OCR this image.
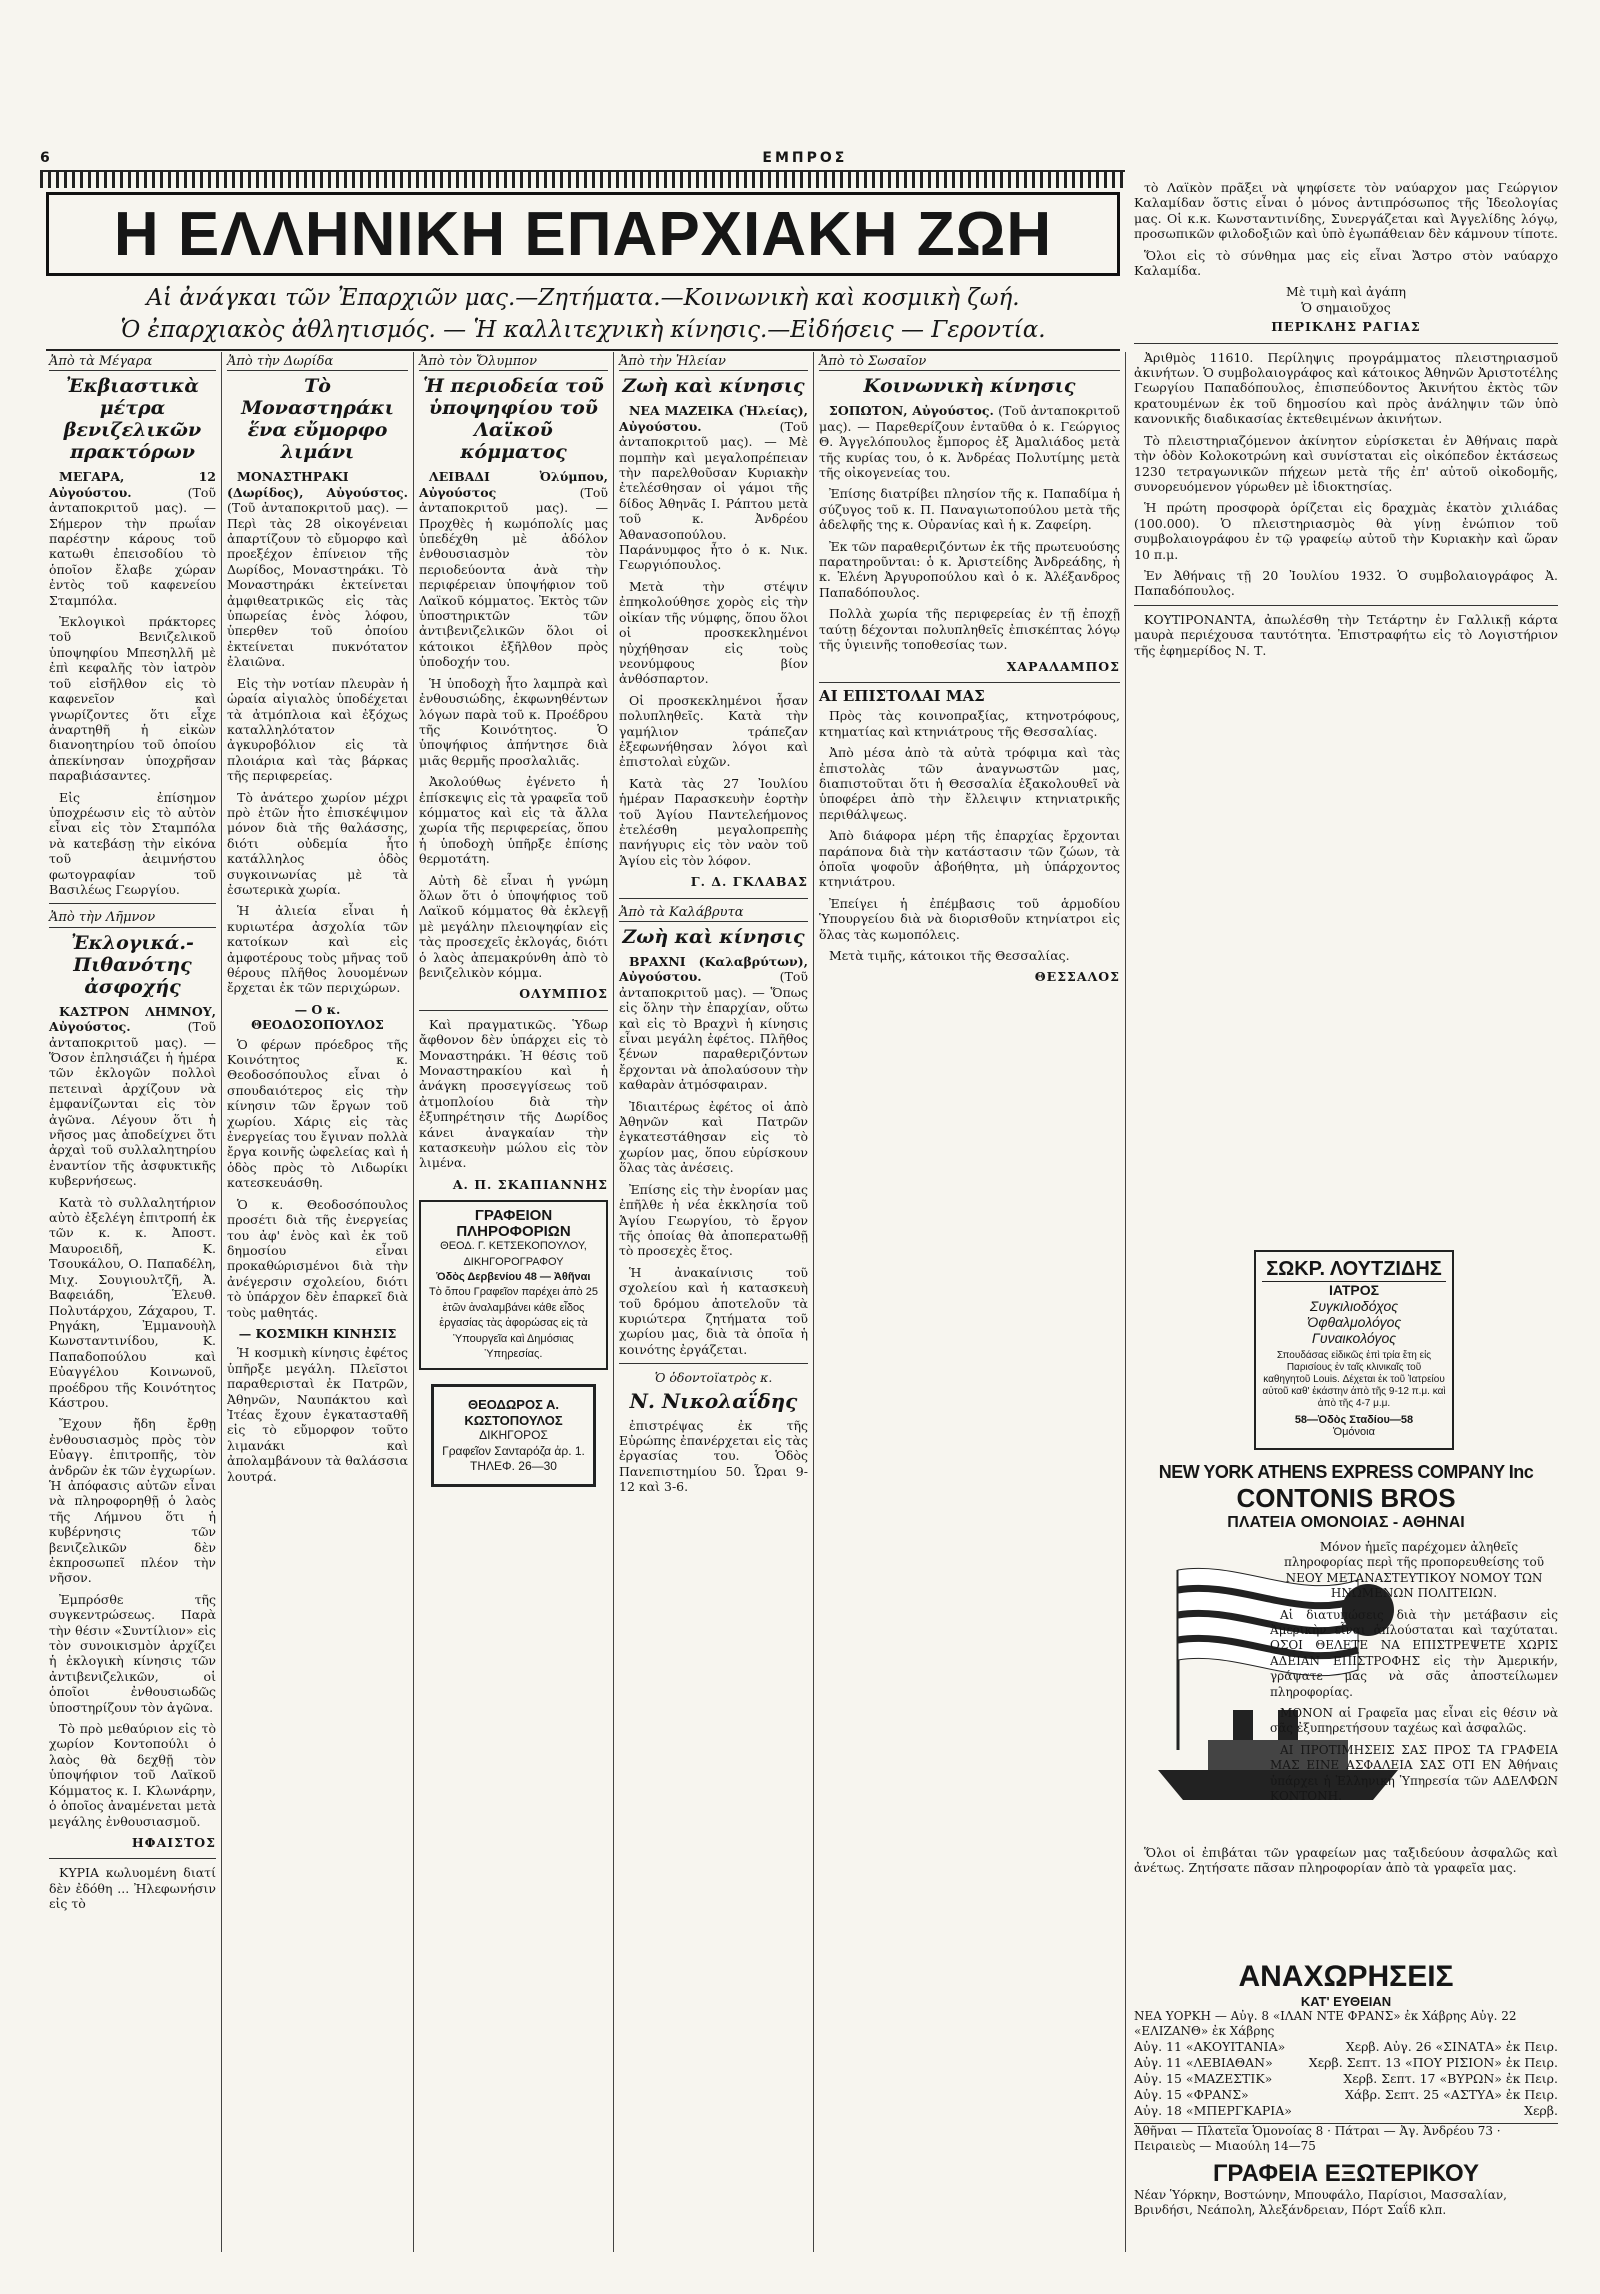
6	ΕΜΠΡΟΣ
Η ΕΛΛΗΝΙΚΗ ΕΠΑΡΧΙΑΚΗ ΖΩΗ
Αἱ ἀνάγκαι τῶν Ἐπαρχιῶν μας.—Ζητήματα.—Κοινωνικὴ καὶ κοσμικὴ ζωή.
Ὁ ἐπαρχιακὸς ἀθλητισμός. — Ἡ καλλιτεχνικὴ κίνησις.—Εἰδήσεις — Γεροντία.
Ἀπὸ τὰ Μέγαρα
Ἐκβιαστικὰ μέτρα βενιζελικῶν πρακτόρων

ΜΕΓΑΡΑ, 12 Αὐγούστου.	(Τοῦ ἀνταποκριτοῦ μας). — Σήμερον τὴν πρωΐαν παρέστην κάρους τοῦ κατωθι ἐπεισοδίου τὸ ὁποῖον ἔλαβε χώραν ἐντὸς τοῦ καφενείου Σταμπόλα.

Ἐκλογικοὶ πράκτορες τοῦ Βενιζελικοῦ ὑποψηφίου Μπεσηλλῆ μὲ ἐπὶ κεφαλῆς τὸν ἰατρὸν τοῦ εἰσῆλθον εἰς τὸ καφενεῖον καὶ γνωρίζοντες ὅτι εἶχε ἀναρτηθῆ ἡ εἰκὼν διανοητηρίου τοῦ ὁποίου ἀπεκίνησαν ὑποχρῆσαν παραβιάσαντες.

Εἰς ἐπίσημον ὑποχρέωσιν εἰς τὸ αὐτὸν εἶναι εἰς τὸν Σταμπόλα νὰ κατεβάσῃ τὴν εἰκόνα τοῦ ἀειμνήστου φωτογραφίαν τοῦ Βασιλέως Γεωργίου.

Ἀπὸ τὴν Λῆμνον
Ἐκλογικά.- Πιθανότης ἀσφοχής

ΚΑΣΤΡΟΝ ΛΗΜΝΟΥ, Αὐγούστος.	(Τοῦ ἀνταποκριτοῦ μας). — Ὅσον ἐπλησιάζει ἡ ἡμέρα τῶν ἐκλογῶν πολλοὶ πετειναὶ ἀρχίζουν νὰ ἐμφανίζωνται εἰς τὸν ἀγῶνα. Λέγουν ὅτι ἡ νῆσος μας ἀποδείχνει ὅτι ἀρχαὶ τοῦ συλλαλητηρίου ἐναντίον τῆς ἀσφυκτικῆς κυβερνήσεως.

Κατὰ τὸ συλλαλητήριον αὐτὸ ἐξελέγη ἐπιτροπή ἐκ τῶν κ. κ. Ἀποστ. Μαυροειδῆ, Κ. Τσουκάλου, Ο. Παπαδέλη, Μιχ. Σουγιουλτζῆ, Ἀ. Βαφειάδη, Ἑλευθ. Πολυτάρχου, Ζάχαρου, Τ. Ρηγάκη, Ἐμμανουὴλ Κωνσταντινίδου, Κ. Παπαδοπούλου καὶ Εὐαγγέλου Κοινωνοῦ, προέδρου τῆς Κοινότητος Κάστρου.

Ἔχουν ἤδη ἔρθῃ ἐνθουσιασμὸς πρὸς τὸν Εὐαγγ. ἐπιτροπῆς, τὸν ἀνδρῶν ἐκ τῶν ἐγχωρίων. Ἡ ἀπόφασις αὐτῶν εἶναι νὰ πληροφορηθῇ ὁ λαὸς τῆς Λήμνου ὅτι ἡ κυβέρνησις τῶν βενιζελικῶν δὲν ἐκπροσωπεῖ πλέον τὴν νῆσον.

Ἐμπρόσθε τῆς συγκεντρώσεως. Παρὰ τὴν θέσιν «Συντίλιον» εἰς τὸν συνοικισμὸν ἀρχίζει ἡ ἐκλογικὴ κίνησις τῶν ἀντιβενιζελικῶν, οἱ ὁποῖοι ἐνθουσιωδῶς ὑποστηρίζουν τὸν ἀγῶνα.

Τὸ πρὸ μεθαύριον εἰς τὸ χωρίον Κοντοπούλι ὁ λαὸς θὰ δεχθῇ τὸν ὑποψήφιον τοῦ Λαϊκοῦ Κόμματος κ. Ι. Κλωνάρην, ὁ ὁποῖος ἀναμένεται μετὰ μεγάλης ἐνθουσιασμοῦ.

ΗΦΑΙΣΤΟΣ

ΚΥΡΙΑ κωλυομένη διατί δὲν ἐδόθη ... Ἠλεφωνήσιν εἰς τὸ

Ἀπὸ τὴν Δωρίδα
Τὸ Μοναστηράκι ἕνα εὔμορφο λιμάνι

ΜΟΝΑΣΤΗΡΑΚΙ (Δωρίδος), Αὐγούστος. (Τοῦ ἀνταποκριτοῦ μας). — Περὶ τὰς 28 οἰκογένειαι ἀπαρτίζουν τὸ εὔμορφο καὶ προεξέχον ἐπίνειον τῆς Δωρίδος, Μοναστηράκι. Τὸ Μοναστηράκι ἐκτείνεται ἀμφιθεατρικῶς εἰς τὰς ὑπωρείας ἑνὸς λόφου, ὑπερθεν τοῦ ὁποίου ἐκτείνεται πυκνότατον ἐλαιῶνα.

Εἰς τὴν νοτίαν πλευρὰν ἡ ὡραία αἰγιαλὸς ὑποδέχεται τὰ ἀτμόπλοια καὶ ἐξόχως καταλληλότατον ἀγκυροβόλιον εἰς τὰ πλοιάρια καὶ τὰς βάρκας τῆς περιφερείας.

Τὸ ἀνάτερο χωρίον μέχρι πρὸ ἐτῶν ἦτο ἐπισκέψιμον μόνον διὰ τῆς θαλάσσης, διότι οὐδεμία ἦτο κατάλληλος ὁδὸς συγκοινωνίας μὲ τὰ ἐσωτερικὰ χωρία.

Ἡ ἀλιεία εἶναι ἡ κυριωτέρα ἀσχολία τῶν κατοίκων καὶ εἰς ἀμφοτέρους τοὺς μῆνας τοῦ θέρους πλῆθος λουομένων ἔρχεται ἐκ τῶν περιχώρων.

— Ο κ. ΘΕΟΔΟΣΟΠΟΥΛΟΣ

Ὁ φέρων πρόεδρος τῆς Κοινότητος κ. Θεοδοσόπουλος εἶναι ὁ σπουδαιότερος εἰς τὴν κίνησιν τῶν ἔργων τοῦ χωρίου. Χάρις εἰς τὰς ἐνεργείας του ἔγιναν πολλὰ ἔργα κοινῆς ὠφελείας καὶ ἡ ὁδὸς πρὸς τὸ Λιδωρίκι κατεσκευάσθη.

Ὁ κ. Θεοδοσόπουλος προσέτι διὰ τῆς ἐνεργείας του ἀφ' ἑνὸς καὶ ἐκ τοῦ δημοσίου εἶναι προκαθώρισμένοι διὰ τὴν ἀνέγερσιν σχολείου, διότι τὸ ὑπάρχον δὲν ἐπαρκεῖ διὰ τοὺς μαθητάς.

— ΚΟΣΜΙΚΗ ΚΙΝΗΣΙΣ

Ἡ κοσμικὴ κίνησις ἐφέτος ὑπῆρξε μεγάλη. Πλεῖστοι παραθερισταὶ ἐκ Πατρῶν, Ἀθηνῶν, Ναυπάκτου καὶ Ἰτέας ἔχουν ἐγκατασταθῆ εἰς τὸ εὔμορφον τοῦτο λιμανάκι καὶ ἀπολαμβάνουν τὰ θαλάσσια λουτρά.

Ἀπὸ τὸν Ὄλυμπον
Ἡ περιοδεία τοῦ ὑποψηφίου τοῦ Λαϊκοῦ κόμματος

ΛΕΙΒΑΔΙ Ὀλύμπου, Αὐγούστος	(Τοῦ ἀνταποκριτοῦ μας). — Προχθὲς ἡ κωμόπολίς μας ὑπεδέχθη μὲ ἀδόλον ἐνθουσιασμὸν τὸν περιοδεύοντα ἀνὰ τὴν περιφέρειαν ὑποψήφιον τοῦ Λαϊκοῦ κόμματος. Ἐκτὸς τῶν ὑποστηρικτῶν τῶν ἀντιβενιζελικῶν ὅλοι οἱ κάτοικοι ἐξῆλθον πρὸς ὑποδοχήν του.

Ἡ ὑποδοχὴ ἦτο λαμπρὰ καὶ ἐνθουσιώδης, ἐκφωνηθέντων λόγων παρὰ τοῦ κ. Προέδρου τῆς Κοινότητος. Ὁ ὑποψήφιος ἀπήντησε διὰ μιᾶς θερμῆς προσλαλιᾶς.

Ἀκολούθως ἐγένετο ἡ ἐπίσκεψις εἰς τὰ γραφεῖα τοῦ κόμματος καὶ εἰς τὰ ἄλλα χωρία τῆς περιφερείας, ὅπου ἡ ὑποδοχὴ ὑπῆρξε ἐπίσης θερμοτάτη.

Αὐτὴ δὲ εἶναι ἡ γνώμη ὅλων ὅτι ὁ ὑποψήφιος τοῦ Λαϊκοῦ κόμματος θὰ ἐκλεγῇ μὲ μεγάλην πλειοψηφίαν εἰς τὰς προσεχεῖς ἐκλογάς, διότι ὁ λαὸς ἀπεμακρύνθη ἀπὸ τὸ βενιζελικὸν κόμμα.

ΟΛΥΜΠΙΟΣ

Καὶ πραγματικῶς. Ὑδωρ ἄφθονον δὲν ὑπάρχει εἰς τὸ Μοναστηράκι. Ἡ θέσις τοῦ Μοναστηρακίου καὶ ἡ ἀνάγκη προσεγγίσεως τοῦ ἀτμοπλοίου διὰ τὴν ἐξυπηρέτησιν τῆς Δωρίδος κάνει ἀναγκαίαν τὴν κατασκευὴν μώλου εἰς τὸν λιμένα.

Α. Π. ΣΚΑΠΙΑΝΝΗΣ
ΓΡΑΦΕΙΟΝ ΠΛΗΡΟΦΟΡΙΩΝ
ΘΕΟΔ. Γ. ΚΕΤΣΕΚΟΠΟΥΛΟΥ, ΔΙΚΗΓΟΡΟΓΡΑΦΟΥ
Ὁδὸς Δερβενίου 48 — Ἀθῆναι
Τὸ ὅπου Γραφεῖον παρέχει ἀπὸ 25 ἐτῶν ἀναλαμβάνει κάθε εἶδος ἐργασίας τὰς ἀφορώσας εἰς τὰ Ὑπουργεῖα καὶ Δημόσιας Ὑπηρεσίας.
ΘΕΟΔΩΡΟΣ Α. ΚΩΣΤΟΠΟΥΛΟΣ
ΔΙΚΗΓΟΡΟΣ
Γραφεῖον Σανταρόζα ἀρ. 1.
ΤΗΛΕΦ. 26—30
Ἀπὸ τὴν Ἠλείαν
Ζωὴ καὶ κίνησις

ΝΕΑ ΜΑΖΕΙΚΑ (Ἠλείας), Αὐγούστου.	(Τοῦ ἀνταποκριτοῦ μας). — Μὲ πομπὴν καὶ μεγαλοπρέπειαν τὴν παρελθοῦσαν Κυριακὴν ἐτελέσθησαν οἱ γάμοι τῆς δίδος Ἀθηνᾶς Ι. Ράπτου μετὰ τοῦ κ. Ἀνδρέου Ἀθανασοπούλου. Παράνυμφος ἦτο ὁ κ. Νικ. Γεωργιόπουλος.

Μετὰ τὴν στέψιν ἐπηκολούθησε χορὸς εἰς τὴν οἰκίαν τῆς νύμφης, ὅπου ὅλοι οἱ προσκεκλημένοι ηὐχήθησαν εἰς τοὺς νεονύμφους βίον ἀνθόσπαρτον.

Οἱ προσκεκλημένοι ἦσαν πολυπληθεῖς. Κατὰ τὴν γαμήλιον τράπεζαν ἐξεφωνήθησαν λόγοι καὶ ἐπιστολαὶ εὐχῶν.

Κατὰ τὰς 27 Ἰουλίου ἡμέραν Παρασκευὴν ἑορτὴν τοῦ Ἁγίου Παντελεήμονος ἐτελέσθη μεγαλοπρεπὴς πανήγυρις εἰς τὸν ναὸν τοῦ Ἁγίου εἰς τὸν λόφον.

Γ. Δ. ΓΚΛΑΒΑΣ
Ἀπὸ τὰ Καλάβρυτα
Ζωὴ καὶ κίνησις

ΒΡΑΧΝΙ (Καλαβρύτων), Αὐγούστου.	(Τοῦ ἀνταποκριτοῦ μας). — Ὅπως εἰς ὅλην τὴν ἐπαρχίαν, οὕτω καὶ εἰς τὸ Βραχνὶ ἡ κίνησις εἶναι μεγάλη ἐφέτος. Πλῆθος ξένων παραθεριζόντων ἔρχονται νὰ ἀπολαύσουν τὴν καθαρὰν ἀτμόσφαιραν.

Ἰδιαιτέρως ἐφέτος οἱ ἀπὸ Ἀθηνῶν καὶ Πατρῶν ἐγκατεστάθησαν εἰς τὸ χωρίον μας, ὅπου εὑρίσκουν ὅλας τὰς ἀνέσεις.

Ἐπίσης εἰς τὴν ἐνορίαν μας ἐπῆλθε ἡ νέα ἐκκλησία τοῦ Ἁγίου Γεωργίου, τὸ ἔργον τῆς ὁποίας θὰ ἀποπερατωθῇ τὸ προσεχὲς ἔτος.

Ἡ ἀνακαίνισις τοῦ σχολείου καὶ ἡ κατασκευὴ τοῦ δρόμου ἀποτελοῦν τὰ κυριώτερα ζητήματα τοῦ χωρίου μας, διὰ τὰ ὁποῖα ἡ κοινότης ἐργάζεται.

Ὁ ὁδοντοϊατρὸς κ.
Ν. Νικολαΐδης

ἐπιστρέψας ἐκ τῆς Εὐρώπης ἐπανέρχεται εἰς τὰς ἐργασίας του. Ὁδὸς Πανεπιστημίου 50. Ὧραι 9-12 καὶ 3-6.

Ἀπὸ τὸ Σωσαῖον
Κοινωνικὴ κίνησις

ΣΟΠΩΤΟΝ, Αὐγούστος. (Τοῦ ἀνταποκριτοῦ μας). — Παρεθερίζουν ἐνταῦθα ὁ κ. Γεώργιος Θ. Ἀγγελόπουλος ἔμπορος ἐξ Ἀμαλιάδος μετὰ τῆς κυρίας του, ὁ κ. Ἀνδρέας Πολυτίμης μετὰ τῆς οἰκογενείας του.

Ἐπίσης διατρίβει πλησίον τῆς κ. Παπαδίμα ἡ σύζυγος τοῦ κ. Π. Παναγιωτοπούλου μετὰ τῆς ἀδελφῆς της κ. Οὐρανίας καὶ ἡ κ. Ζαφείρη.

Ἐκ τῶν παραθεριζόντων ἐκ τῆς πρωτευούσης παρατηροῦνται: ὁ κ. Ἀριστείδης Ἀνδρεάδης, ἡ κ. Ἑλένη Ἀργυροπούλου καὶ ὁ κ. Ἀλέξανδρος Παπαδόπουλος.

Πολλὰ χωρία τῆς περιφερείας ἐν τῇ ἐποχῇ ταύτῃ δέχονται πολυπληθεῖς ἐπισκέπτας λόγῳ τῆς ὑγιεινῆς τοποθεσίας των.

ΧΑΡΑΛΑΜΠΟΣ
ΑΙ ΕΠΙΣΤΟΛΑΙ ΜΑΣ

Πρὸς τὰς κοινοπραξίας, κτηνοτρόφους, κτηματίας καὶ κτηνιάτρους τῆς Θεσσαλίας.

Ἀπὸ μέσα ἀπὸ τὰ αὐτὰ τρόφιμα καὶ τὰς ἐπιστολὰς τῶν ἀναγνωστῶν μας, διαπιστοῦται ὅτι ἡ Θεσσαλία ἐξακολουθεῖ νὰ ὑποφέρει ἀπὸ τὴν ἔλλειψιν κτηνιατρικῆς περιθάλψεως.

Ἀπὸ διάφορα μέρη τῆς ἐπαρχίας ἔρχονται παράπονα διὰ τὴν κατάστασιν τῶν ζώων, τὰ ὁποῖα ψοφοῦν ἀβοήθητα, μὴ ὑπάρχοντος κτηνιάτρου.

Ἐπείγει ἡ ἐπέμβασις τοῦ ἁρμοδίου Ὑπουργείου διὰ νὰ διορισθοῦν κτηνίατροι εἰς ὅλας τὰς κωμοπόλεις.

Μετὰ τιμῆς, κάτοικοι τῆς Θεσσαλίας.

ΘΕΣΣΑΛΟΣ

τὸ Λαϊκὸν πρᾶξει νὰ ψηφίσετε τὸν ναύαρχον μας Γεώργιον Καλαμίδαν ὅστις εἶναι ὁ μόνος ἀντιπρόσωπος τῆς Ἰδεολογίας μας. Οἱ κ.κ. Κωνσταντινίδης, Συνεργάζεται καὶ Ἀγγελίδης λόγῳ, προσωπικῶν φιλοδοξιῶν καὶ ὑπὸ ἐγωπάθειαν δὲν κάμνουν τίποτε.

Ὅλοι εἰς τὸ σύνθημα μας εἰς εἶναι Ἄστρο στὸν ναύαρχο Καλαμίδα.

Μὲ τιμὴ καὶ ἀγάπη
Ὁ σημαιοῦχος
ΠΕΡΙΚΛΗΣ ΡΑΓΙΑΣ

Ἀριθμὸς 11610. Περίληψις προγράμματος πλειστηριασμοῦ ἀκινήτων. Ὁ συμβολαιογράφος καὶ κάτοικος Ἀθηνῶν Ἀριστοτέλης Γεωργίου Παπαδόπουλος, ἐπισπεύδοντος Ἀκινήτου ἐκτὸς τῶν κρατουμένων ἐκ τοῦ δημοσίου καὶ πρὸς ἀνάληψιν τῶν ὑπὸ κανονικῆς διαδικασίας ἐκτεθειμένων ἀκινήτων.

Τὸ πλειστηριαζόμενον ἀκίνητον εὑρίσκεται ἐν Ἀθήναις παρὰ τὴν ὁδὸν Κολοκοτρώνη καὶ συνίσταται εἰς οἰκόπεδον ἐκτάσεως 1230 τετραγωνικῶν πήχεων μετὰ τῆς ἐπ' αὐτοῦ οἰκοδομῆς, συνορευόμενον γύρωθεν μὲ ἰδιοκτησίας.

Ἡ πρώτη προσφορὰ ὁρίζεται εἰς δραχμὰς ἑκατὸν χιλιάδας (100.000). Ὁ πλειστηριασμὸς θὰ γίνῃ ἐνώπιον τοῦ συμβολαιογράφου ἐν τῷ γραφείῳ αὐτοῦ τὴν Κυριακὴν καὶ ὥραν 10 π.μ.

Ἐν Ἀθήναις τῇ 20 Ἰουλίου 1932. Ὁ συμβολαιογράφος Ἀ. Παπαδόπουλος.

ΚΟΥΤΙΡΟΝΑΝΤΑ, ἀπωλέσθη τὴν Τετάρτην ἐν Γαλλικῇ κάρτα μαυρὰ περιέχουσα ταυτότητα. Ἐπιστραφήτω εἰς τὸ Λογιστήριον τῆς ἐφημερίδος Ν. Τ.

ΣΩΚΡ. ΛΟΥΤΖΙΔΗΣ
ΙΑΤΡΟΣ
Συγκιλιοδόχος
Ὀφθαλμολόγος
Γυναικολόγος
Σπουδάσας εἰδικῶς ἐπὶ τρία ἔτη εἰς Παρισίους ἐν ταῖς κλινικαῖς τοῦ καθηγητοῦ Louis. Δέχεται ἐκ τοῦ Ἰατρείου αὐτοῦ καθ' ἑκάστην ἀπὸ τῆς 9-12 π.μ. καὶ ἀπὸ τῆς 4-7 μ.μ.
58—Ὁδὸς Σταδίου—58
Ὁμόνοια
NEW YORK ATHENS EXPRESS COMPANY Inc
CONTONIS BROS
ΠΛΑΤΕΙΑ ΟΜΟΝΟΙΑΣ - ΑΘΗΝΑΙ

Μόνον ἡμεῖς παρέχομεν ἀληθεῖς πληροφορίας περὶ τῆς προπορευθείσης τοῦ ΝΕΟΥ ΜΕΤΑΝΑΣΤΕΥΤΙΚΟΥ ΝΟΜΟΥ ΤΩΝ ΗΝΩΜΕΝΩΝ ΠΟΛΙΤΕΙΩΝ.

Αἱ διατυπώσεις διὰ τὴν μετάβασιν εἰς Ἀμερικὴν εἶναι ἁπλούσταται καὶ ταχύταται. ΟΣΟΙ ΘΕΛΕΤΕ ΝΑ ΕΠΙΣΤΡΕΨΕΤΕ ΧΩΡΙΣ ΑΔΕΙΑΝ ΕΠΙΣΤΡΟΦΗΣ εἰς τὴν Ἀμερικήν, γράψατε μας νὰ σᾶς ἀποστείλωμεν πληροφορίας.

ΜΟΝΟΝ αἱ Γραφεῖα μας εἶναι εἰς θέσιν νὰ σᾶς ἐξυπηρετήσουν ταχέως καὶ ἀσφαλῶς.

ΑΙ ΠΡΟΤΙΜΗΣΕΙΣ ΣΑΣ ΠΡΟΣ ΤΑ ΓΡΑΦΕΙΑ ΜΑΣ ΕΙΝΕ ΑΣΦΑΛΕΙΑ ΣΑΣ ΟΤΙ ΕΝ Ἀθήναις ὑπάρχει ἡ Ἑλληνικὴ Ὑπηρεσία τῶν ΑΔΕΛΦΩΝ ΚΟΝΤΟΝΗ.

Ὅλοι οἱ ἐπιβάται τῶν γραφείων μας ταξιδεύουν ἀσφαλῶς καὶ ἀνέτως. Ζητήσατε πᾶσαν πληροφορίαν ἀπὸ τὰ γραφεῖα μας.

ΑΝΑΧΩΡΗΣΕΙΣ
ΚΑΤ' ΕΥΘΕΙΑΝ
ΝΕΑ ΥΟΡΚΗ — Αὐγ. 8 «ΙΛΑΝ ΝΤΕ ΦΡΑΝΣ» ἐκ Χάβρης Αὐγ. 22 «ΕΛΙΖΑΝΘ» ἐκ Χάβρης
Αὐγ. 11 «ΑΚΟΥΙΤΑΝΙΑ»	Χερβ. Αὐγ. 26 «ΣΙΝΑΤΑ» ἐκ Πειρ.
Αὐγ. 11 «ΛΕΒΙΑΘΑΝ»	Χερβ. Σεπτ. 13 «ΠΟΥ ΡΙΣΙΟΝ» ἐκ Πειρ.
Αὐγ. 15 «ΜΑΖΕΣΤΙΚ»	Χερβ. Σεπτ. 17 «ΒΥΡΩΝ» ἐκ Πειρ.
Αὐγ. 15 «ΦΡΑΝΣ»	Χάβρ. Σεπτ. 25 «ΑΣΤΥΑ» ἐκ Πειρ.
Αὐγ. 18 «ΜΠΕΡΓΚΑΡΙΑ»	Χερβ.
Ἀθῆναι — Πλατεῖα Ὁμονοίας 8 · Πάτραι — Ἀγ. Ἀνδρέου 73 · Πειραιεὺς — Μιαούλη 14—75
ΓΡΑΦΕΙΑ ΕΞΩΤΕΡΙΚΟΥ
Νέαν Ὑόρκην, Βοστώνην, Μπουφάλο, Παρίσιοι, Μασσαλίαν, Βρινδήσι, Νεάπολη, Ἀλεξάνδρειαν, Πόρτ Σαΐδ κλπ.
